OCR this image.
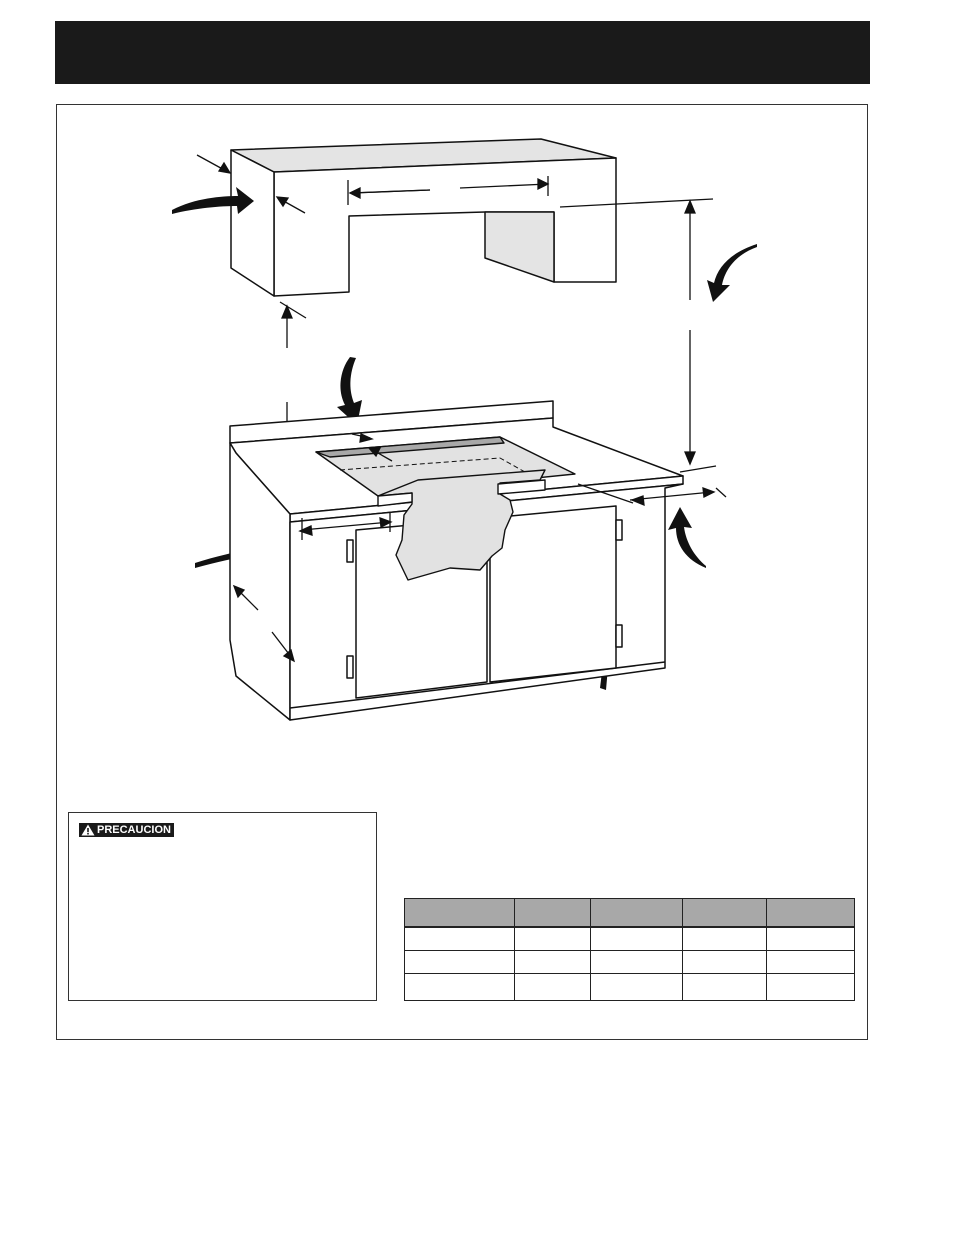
PRECAUCION
